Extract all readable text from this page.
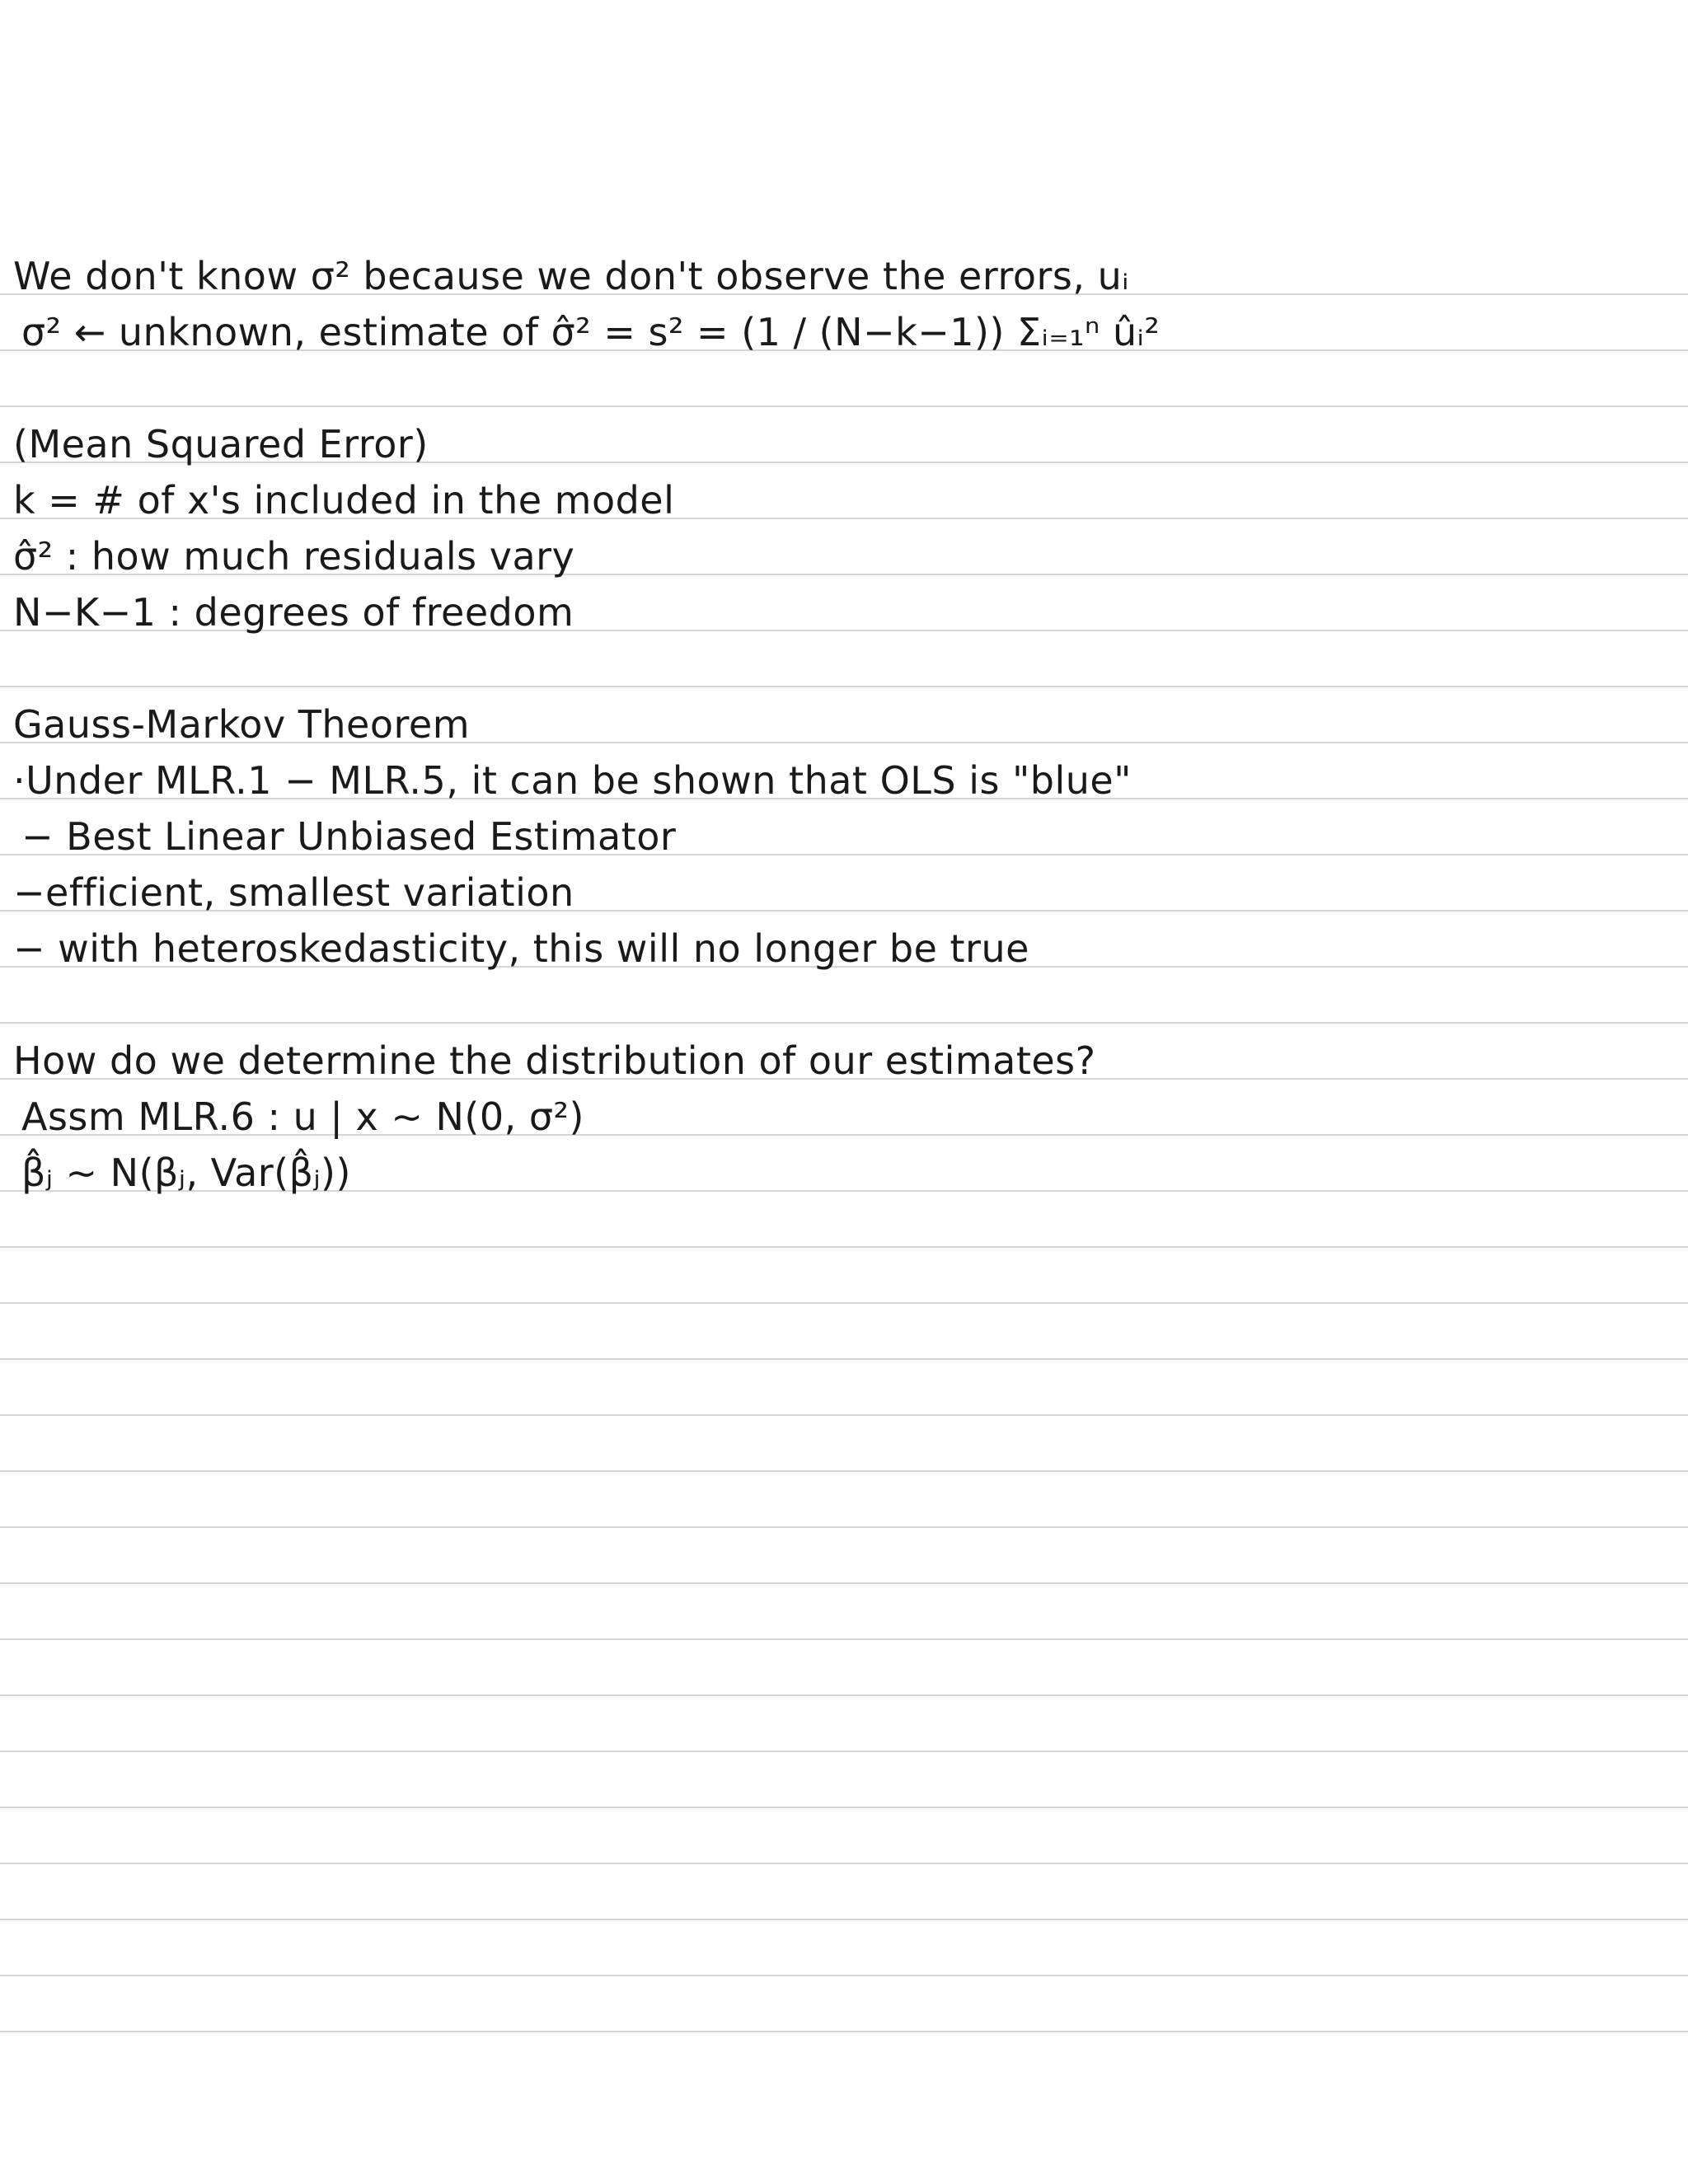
We don't know σ² because we don't observe the errors, uᵢ
σ² ← unknown, estimate of σ̂² = s² = (1 / (N−k−1)) Σᵢ₌₁ⁿ ûᵢ²
(Mean Squared Error)
k = # of x's included in the model
σ̂² : how much residuals vary
N−K−1 : degrees of freedom
Gauss-Markov Theorem
·Under MLR.1 − MLR.5, it can be shown that OLS is "blue"
− Best Linear Unbiased Estimator
−efficient, smallest variation
− with heteroskedasticity, this will no longer be true
How do we determine the distribution of our estimates?
Assm MLR.6 : u | x ∼ N(0, σ²)
β̂ⱼ ∼ N(βⱼ, Var(β̂ⱼ))
